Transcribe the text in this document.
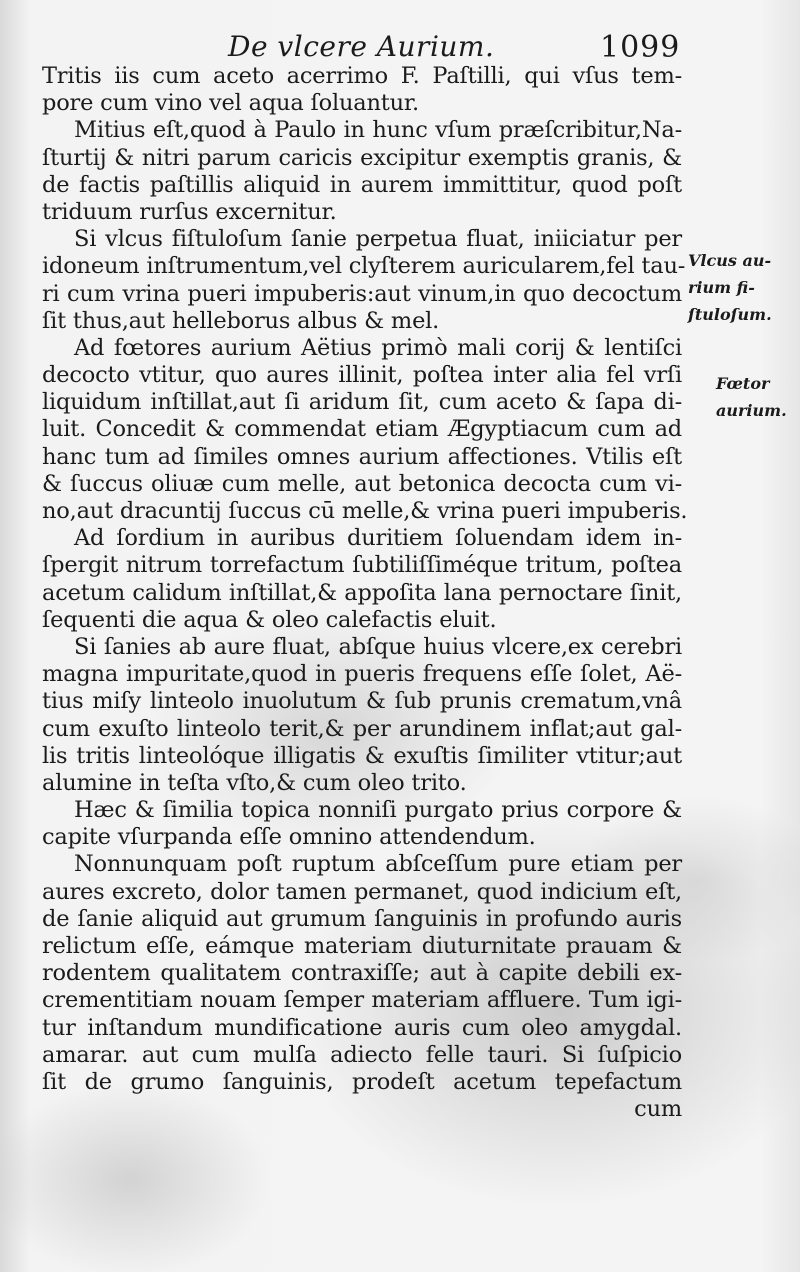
De vlcere Aurium.	1099
Tritis iis cum aceto acerrimo F. Paſtilli, qui vſus tem-
pore cum vino vel aqua ſoluantur.
Mitius eſt,quod à Paulo in hunc vſum præſcribitur,Na-
ſturtij & nitri parum caricis excipitur exemptis granis, &
de factis paſtillis aliquid in aurem immittitur, quod poſt
triduum rurſus excernitur.
Si vlcus fiſtuloſum ſanie perpetua fluat, iniiciatur per
idoneum inſtrumentum,vel clyſterem auricularem,fel tau-
ri cum vrina pueri impuberis:aut vinum,in quo decoctum
ſit thus,aut helleborus albus & mel.
Ad fœtores aurium Aëtius primò mali corij & lentiſci
decocto vtitur, quo aures illinit, poſtea inter alia fel vrſi
liquidum inſtillat,aut ſi aridum ſit, cum aceto & ſapa di-
luit. Concedit & commendat etiam Ægyptiacum cum ad
hanc tum ad ſimiles omnes aurium affectiones. Vtilis eſt
& ſuccus oliuæ cum melle, aut betonica decocta cum vi-
no,aut dracuntij ſuccus cū melle,& vrina pueri impuberis.
Ad ſordium in auribus duritiem ſoluendam idem in-
ſpergit nitrum torrefactum ſubtiliſſiméque tritum, poſtea
acetum calidum inſtillat,& appoſita lana pernoctare ſinit,
ſequenti die aqua & oleo calefactis eluit.
Si ſanies ab aure fluat, abſque huius vlcere,ex cerebri
magna impuritate,quod in pueris frequens eſſe ſolet, Aë-
tius miſy linteolo inuolutum & ſub prunis crematum,vnâ
cum exuſto linteolo terit,& per arundinem inflat;aut gal-
lis tritis linteolóque illigatis & exuſtis ſimiliter vtitur;aut
alumine in teſta vſto,& cum oleo trito.
Hæc & ſimilia topica nonniſi purgato prius corpore &
capite vſurpanda eſſe omnino attendendum.
Nonnunquam poſt ruptum abſceſſum pure etiam per
aures excreto, dolor tamen permanet, quod indicium eſt,
de ſanie aliquid aut grumum ſanguinis in profundo auris
relictum eſſe, eámque materiam diuturnitate prauam &
rodentem qualitatem contraxiſſe; aut à capite debili ex-
crementitiam nouam ſemper materiam affluere. Tum igi-
tur inſtandum mundificatione auris cum oleo amygdal.
amarar. aut cum mulſa adiecto felle tauri. Si ſuſpicio
ſit de grumo ſanguinis, prodeſt acetum tepefactum
cum
Vlcus au-
rium fi-
ſtuloſum.
Fœtor
aurium.
